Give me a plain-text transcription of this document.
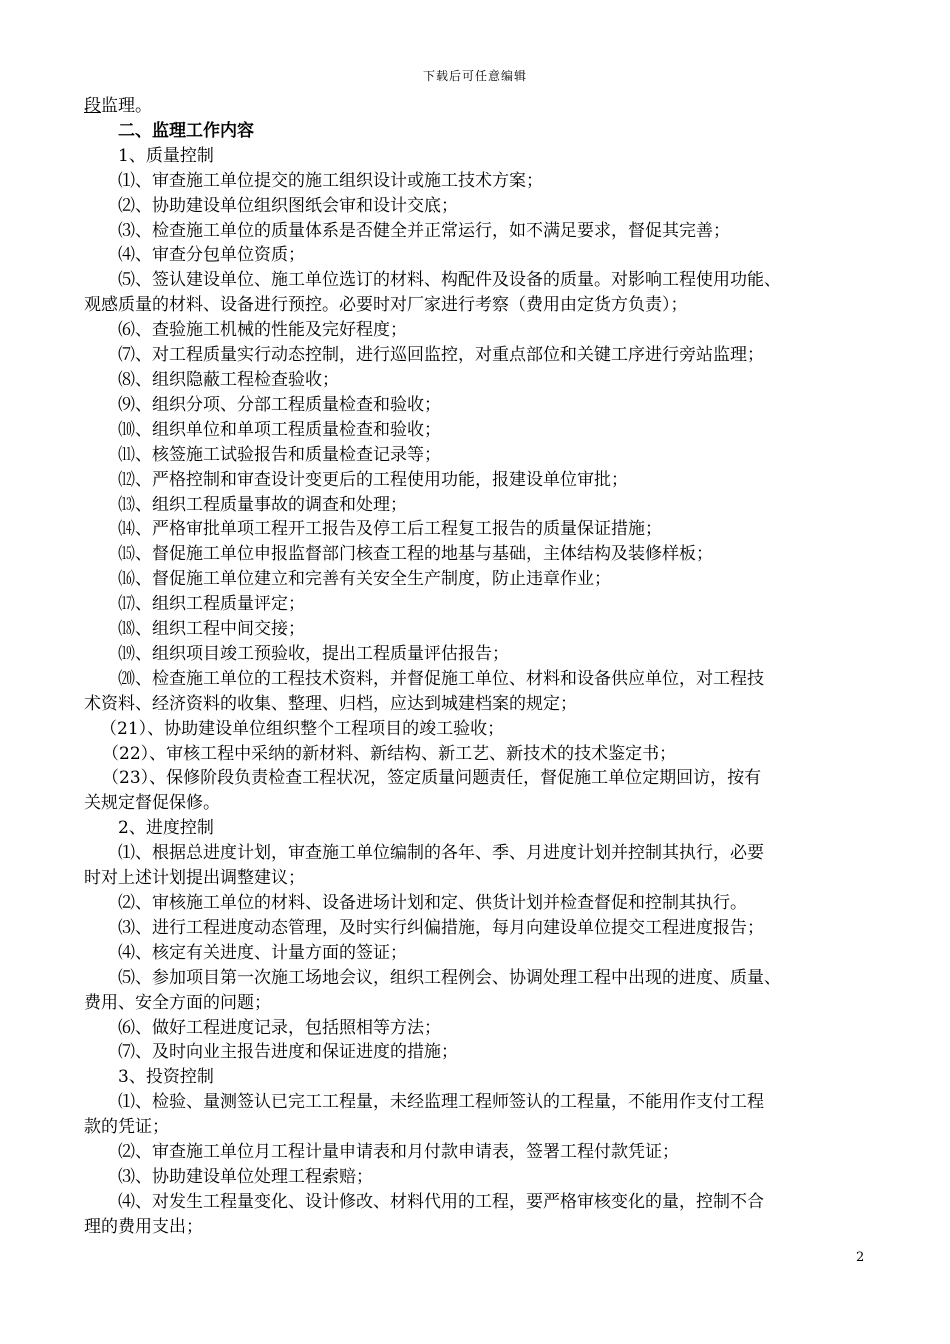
下载后可任意编辑
段监理。
二、监理工作内容
1、质量控制
⑴、审查施工单位提交的施工组织设计或施工技术方案；
⑵、协助建设单位组织图纸会审和设计交底；
⑶、检查施工单位的质量体系是否健全并正常运行，如不满足要求，督促其完善；
⑷、审查分包单位资质；
⑸、签认建设单位、施工单位选订的材料、构配件及设备的质量。对影响工程使用功能、
观感质量的材料、设备进行预控。必要时对厂家进行考察（费用由定货方负责）；
⑹、查验施工机械的性能及完好程度；
⑺、对工程质量实行动态控制，进行巡回监控，对重点部位和关键工序进行旁站监理；
⑻、组织隐蔽工程检查验收；
⑼、组织分项、分部工程质量检查和验收；
⑽、组织单位和单项工程质量检查和验收；
⑾、核签施工试验报告和质量检查记录等；
⑿、严格控制和审查设计变更后的工程使用功能，报建设单位审批；
⒀、组织工程质量事故的调查和处理；
⒁、严格审批单项工程开工报告及停工后工程复工报告的质量保证措施；
⒂、督促施工单位申报监督部门核查工程的地基与基础，主体结构及装修样板；
⒃、督促施工单位建立和完善有关安全生产制度，防止违章作业；
⒄、组织工程质量评定；
⒅、组织工程中间交接；
⒆、组织项目竣工预验收，提出工程质量评估报告；
⒇、检查施工单位的工程技术资料，并督促施工单位、材料和设备供应单位，对工程技
术资料、经济资料的收集、整理、归档，应达到城建档案的规定；
（21）、协助建设单位组织整个工程项目的竣工验收；
（22）、审核工程中采纳的新材料、新结构、新工艺、新技术的技术鉴定书；
（23）、保修阶段负责检查工程状况，签定质量问题责任，督促施工单位定期回访，按有
关规定督促保修。
2、进度控制
⑴、根据总进度计划，审查施工单位编制的各年、季、月进度计划并控制其执行，必要
时对上述计划提出调整建议；
⑵、审核施工单位的材料、设备进场计划和定、供货计划并检查督促和控制其执行。
⑶、进行工程进度动态管理，及时实行纠偏措施，每月向建设单位提交工程进度报告；
⑷、核定有关进度、计量方面的签证；
⑸、参加项目第一次施工场地会议，组织工程例会、协调处理工程中出现的进度、质量、
费用、安全方面的问题；
⑹、做好工程进度记录，包括照相等方法；
⑺、及时向业主报告进度和保证进度的措施；
3、投资控制
⑴、检验、量测签认已完工工程量，未经监理工程师签认的工程量，不能用作支付工程
款的凭证；
⑵、审查施工单位月工程计量申请表和月付款申请表，签署工程付款凭证；
⑶、协助建设单位处理工程索赔；
⑷、对发生工程量变化、设计修改、材料代用的工程，要严格审核变化的量，控制不合
理的费用支出；
2
